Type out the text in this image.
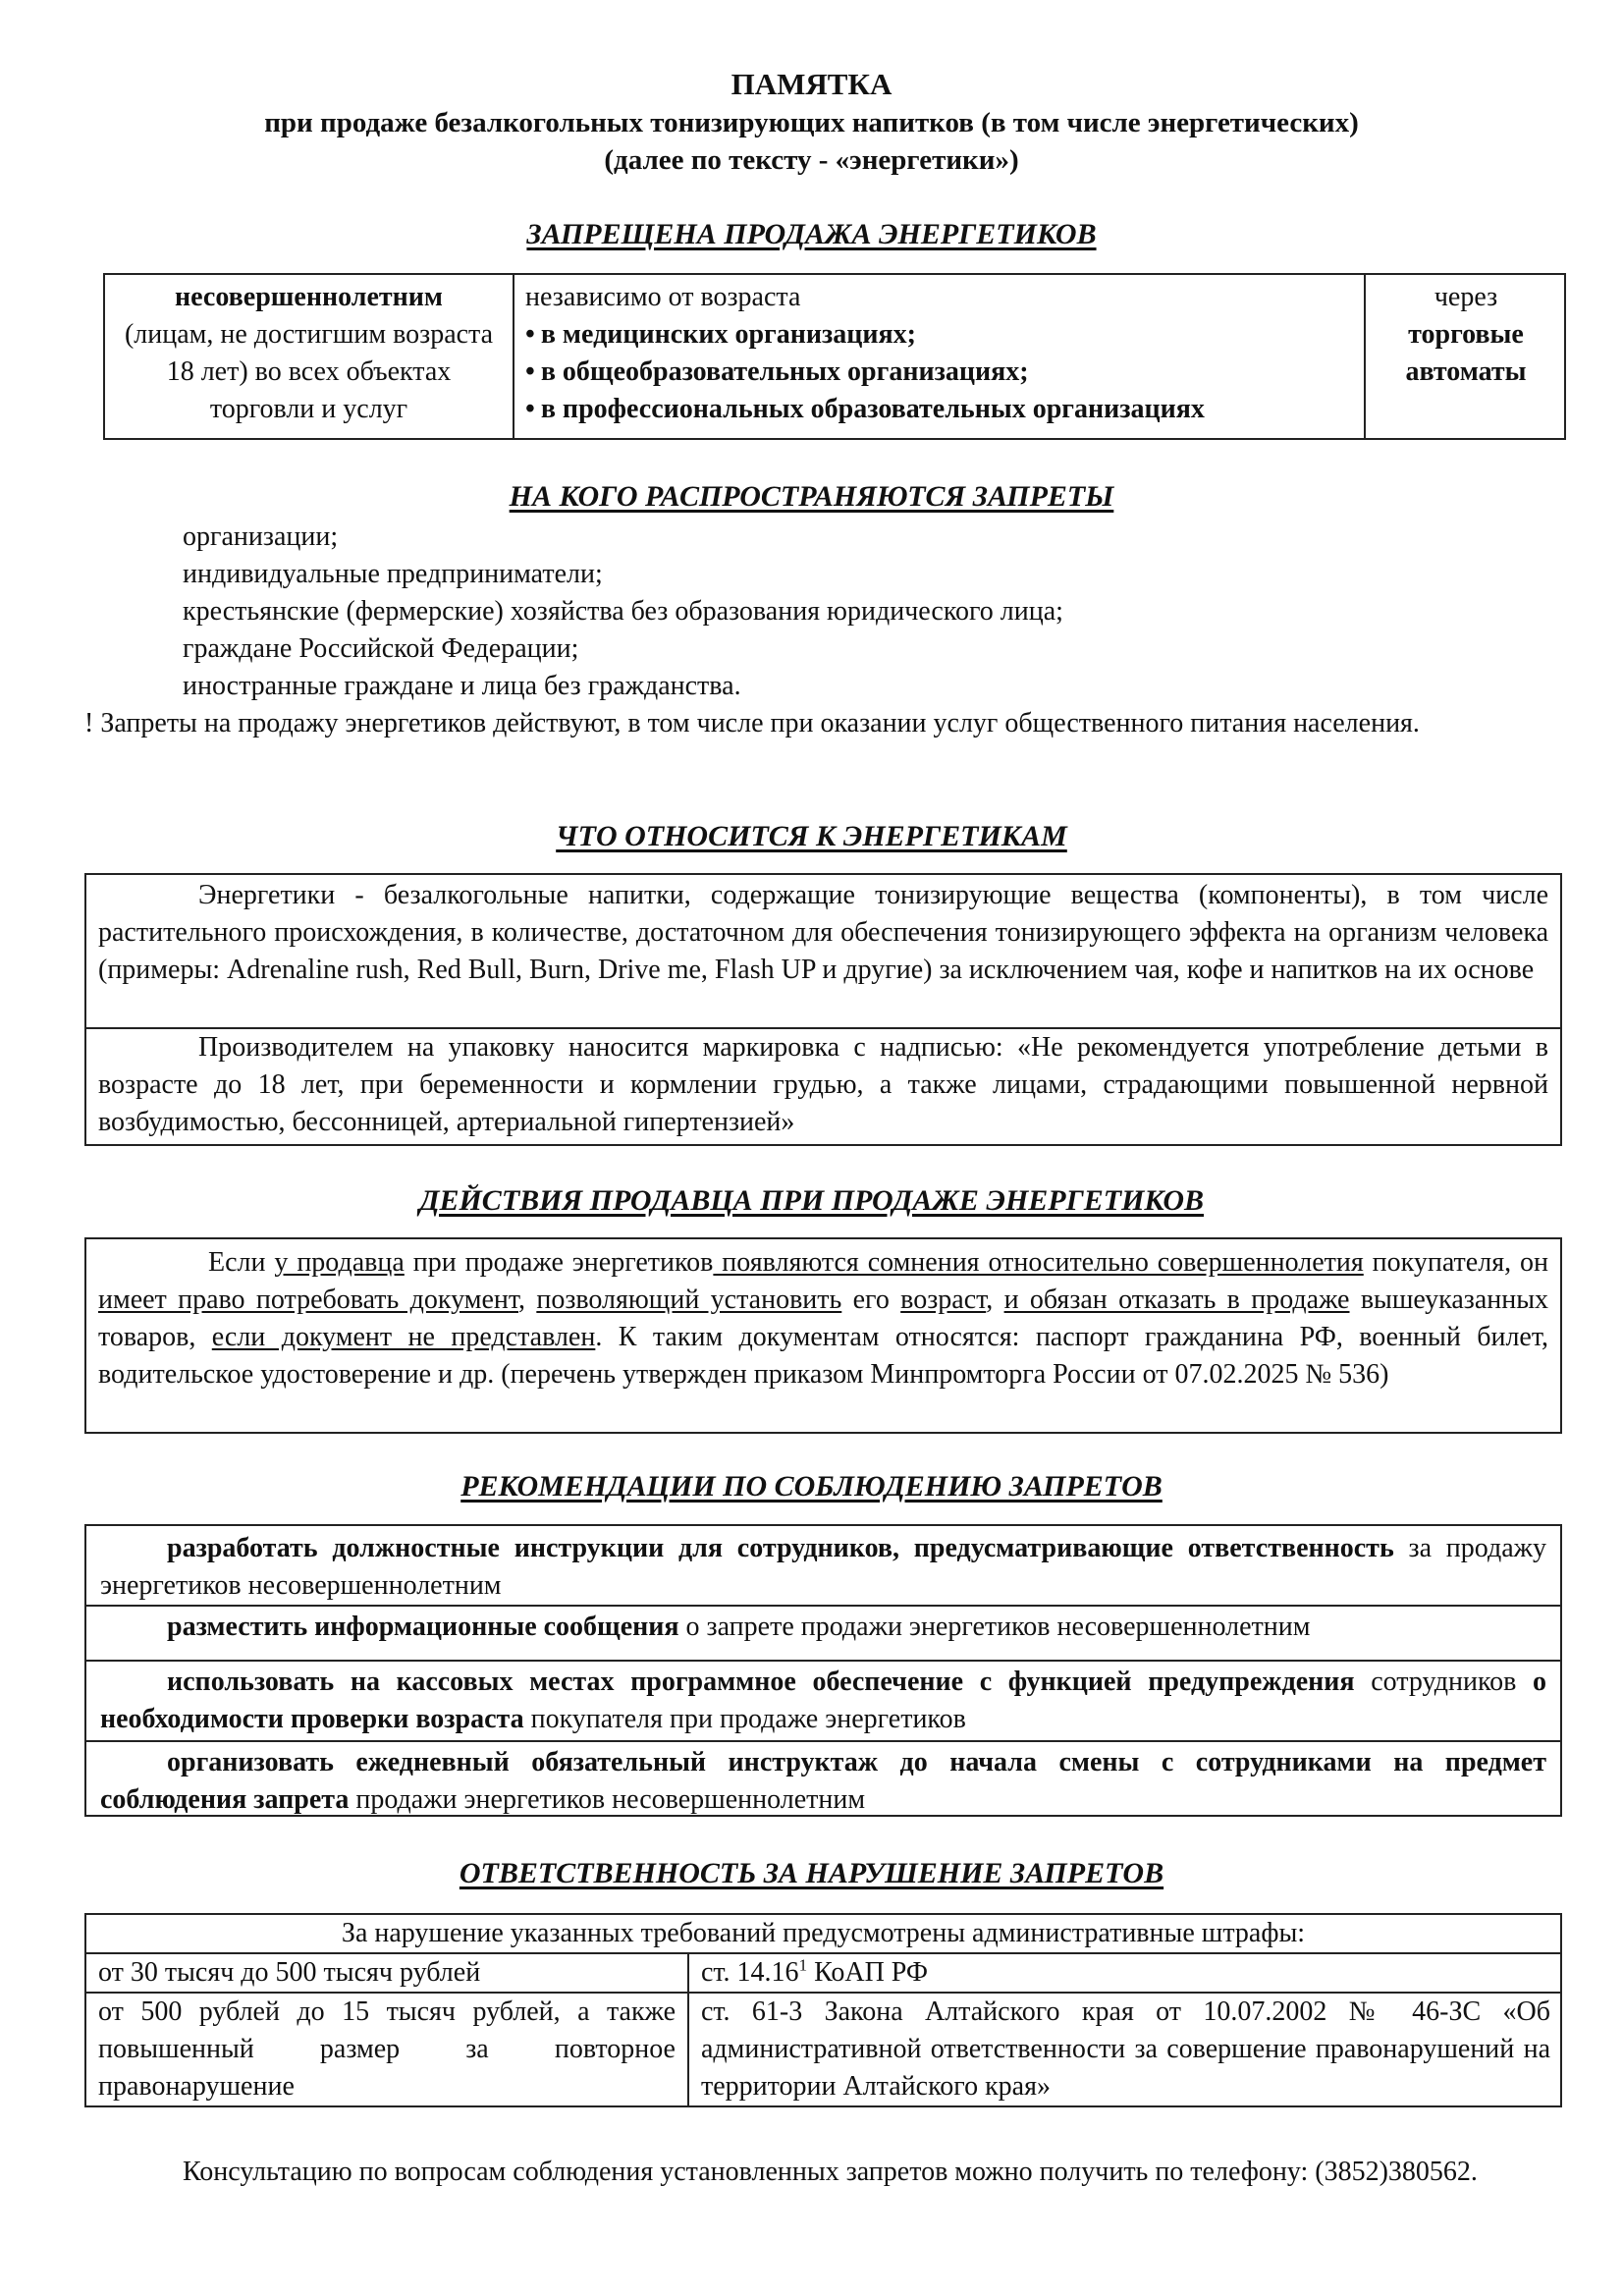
ПАМЯТКА
при продаже безалкогольных тонизирующих напитков (в том числе энергетических)
(далее по тексту - «энергетики»)
ЗАПРЕЩЕНА ПРОДАЖА ЭНЕРГЕТИКОВ
несовершеннолетним
(лицам, не достигшим возраста 18 лет) во всех объектах торговли и услуг
независимо от возраста
• в медицинских организациях;
• в общеобразовательных организациях;
• в профессиональных образовательных организациях
через
торговые автоматы
НА КОГО РАСПРОСТРАНЯЮТСЯ ЗАПРЕТЫ
организации;
индивидуальные предприниматели;
крестьянские (фермерские) хозяйства без образования юридического лица;
граждане Российской Федерации;
иностранные граждане и лица без гражданства.
! Запреты на продажу энергетиков действуют, в том числе при оказании услуг общественного питания населения.
ЧТО ОТНОСИТСЯ К ЭНЕРГЕТИКАМ
Энергетики - безалкогольные напитки, содержащие тонизирующие вещества (компоненты), в том числе растительного происхождения, в количестве, достаточном для обеспечения тонизирующего эффекта на организм человека (примеры: Adrenaline rush, Red Bull, Burn, Drive me, Flash UP и другие) за исключением чая, кофе и напитков на их основе
Производителем на упаковку наносится маркировка с надписью: «Не рекомендуется употребление детьми в возрасте до 18 лет, при беременности и кормлении грудью, а также лицами, страдающими повышенной нервной возбудимостью, бессонницей, артериальной гипертензией»
ДЕЙСТВИЯ ПРОДАВЦА ПРИ ПРОДАЖЕ ЭНЕРГЕТИКОВ
Если у продавца при продаже энергетиков появляются сомнения относительно совершеннолетия покупателя, он имеет право потребовать документ, позволяющий установить его возраст, и обязан отказать в продаже вышеуказанных товаров, если документ не представлен. К таким документам относятся: паспорт гражданина РФ, военный билет, водительское удостоверение и др. (перечень утвержден приказом Минпромторга России от 07.02.2025 № 536)
РЕКОМЕНДАЦИИ ПО СОБЛЮДЕНИЮ ЗАПРЕТОВ
разработать должностные инструкции для сотрудников, предусматривающие ответственность за продажу энергетиков несовершеннолетним
разместить информационные сообщения о запрете продажи энергетиков несовершеннолетним
использовать на кассовых местах программное обеспечение с функцией предупреждения сотрудников о необходимости проверки возраста покупателя при продаже энергетиков
организовать ежедневный обязательный инструктаж до начала смены с сотрудниками на предмет соблюдения запрета продажи энергетиков несовершеннолетним
ОТВЕТСТВЕННОСТЬ ЗА НАРУШЕНИЕ ЗАПРЕТОВ
За нарушение указанных требований предусмотрены административные штрафы:
от 30 тысяч до 500 тысяч рублей	ст. 14.16$^1$ КоАП РФ
от 500 рублей до 15 тысяч рублей, а также повышенный размер за повторное правонарушение
ст. 61-3 Закона Алтайского края от 10.07.2002 № 46-ЗС «Об административной ответственности за совершение правонарушений на территории Алтайского края»
Консультацию по вопросам соблюдения установленных запретов можно получить по телефону: (3852)380562.
